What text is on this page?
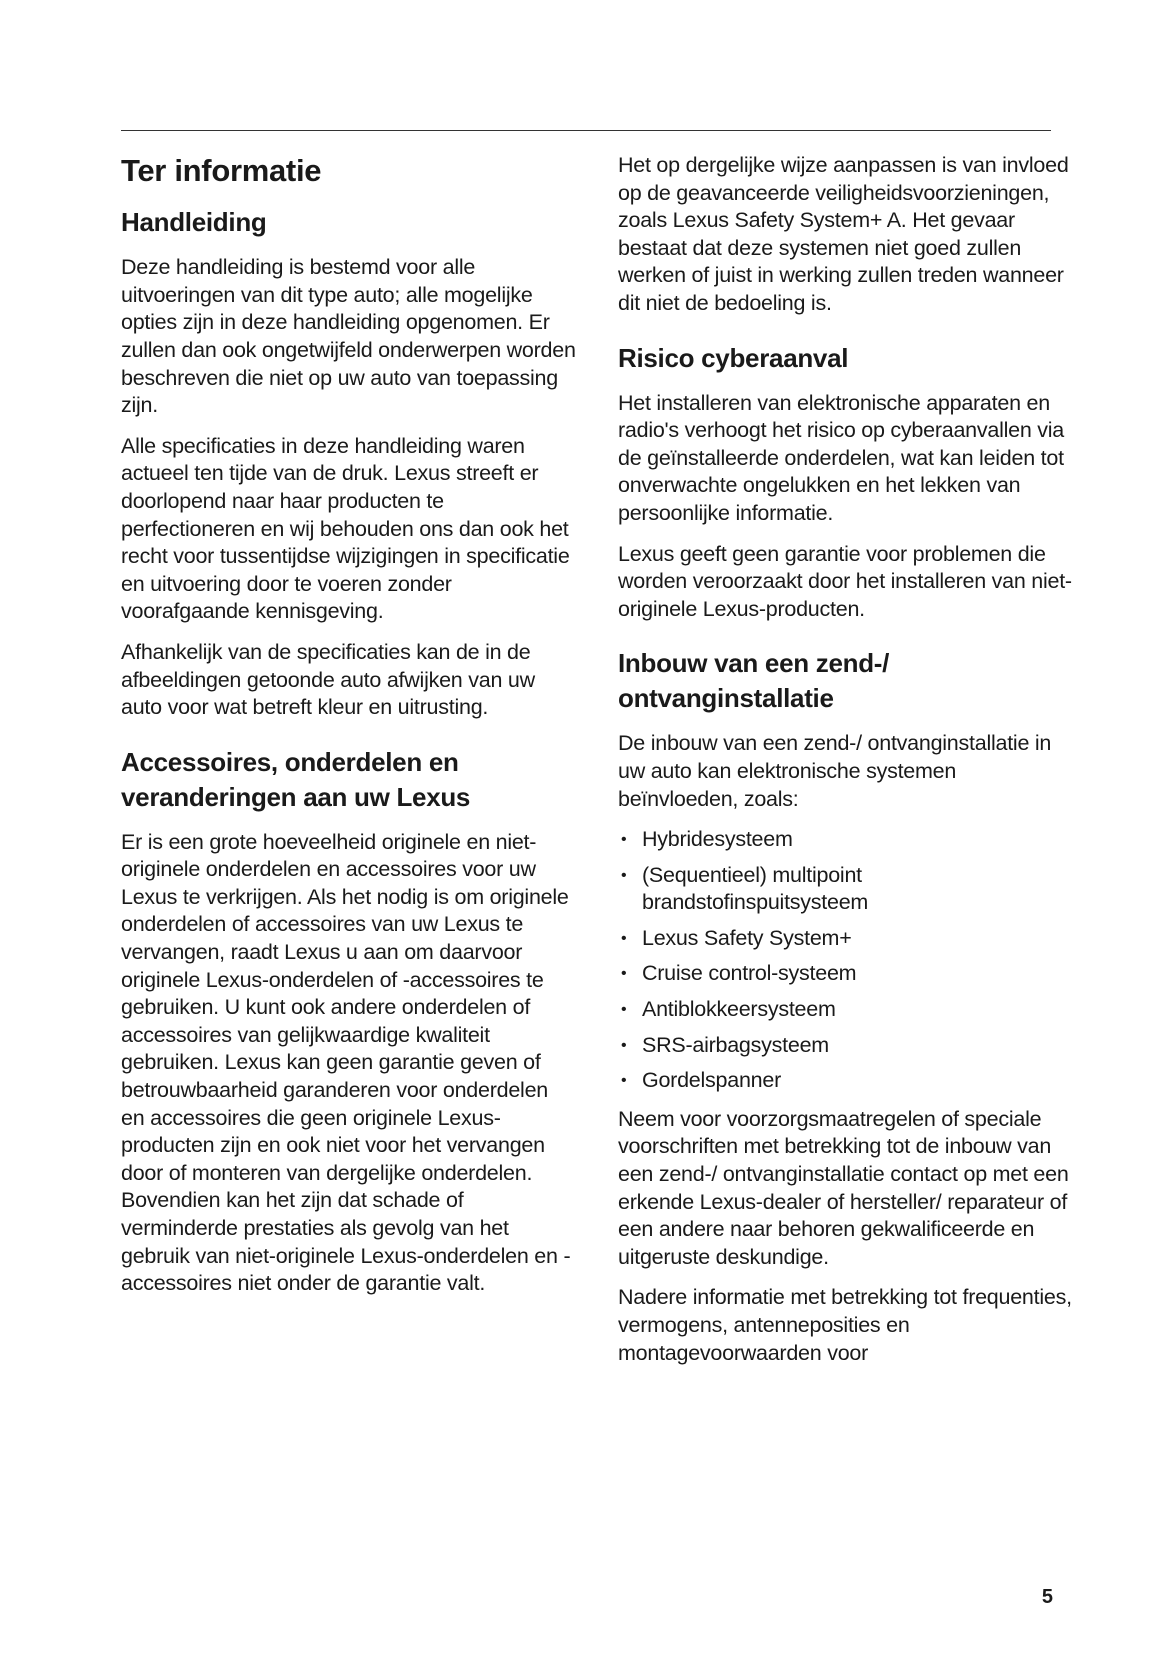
Ter informatie
Handleiding

Deze handleiding is bestemd voor alle uitvoeringen van dit type auto; alle mogelijke opties zijn in deze handleiding opgenomen. Er zullen dan ook ongetwijfeld onderwerpen worden beschreven die niet op uw auto van toepassing zijn.

Alle specificaties in deze handleiding waren actueel ten tijde van de druk. Lexus streeft er doorlopend naar haar producten te perfectioneren en wij behouden ons dan ook het recht voor tussentijdse wijzigingen in specificatie en uitvoering door te voeren zonder voorafgaande kennisgeving.

Afhankelijk van de specificaties kan de in de afbeeldingen getoonde auto afwijken van uw auto voor wat betreft kleur en uitrusting.

Accessoires, onderdelen en veranderingen aan uw Lexus

Er is een grote hoeveelheid originele en niet-originele onderdelen en accessoires voor uw Lexus te verkrijgen. Als het nodig is om originele onderdelen of accessoires van uw Lexus te vervangen, raadt Lexus u aan om daarvoor originele Lexus-onderdelen of -accessoires te gebruiken. U kunt ook andere onderdelen of accessoires van gelijkwaardige kwaliteit gebruiken. Lexus kan geen garantie geven of betrouwbaarheid garanderen voor onderdelen en accessoires die geen originele Lexus-producten zijn en ook niet voor het vervangen door of monteren van dergelijke onderdelen. Bovendien kan het zijn dat schade of verminderde prestaties als gevolg van het gebruik van niet-originele Lexus-onderdelen en -accessoires niet onder de garantie valt.

Het op dergelijke wijze aanpassen is van invloed op de geavanceerde veiligheidsvoorzieningen, zoals Lexus Safety System+ A. Het gevaar bestaat dat deze systemen niet goed zullen werken of juist in werking zullen treden wanneer dit niet de bedoeling is.

Risico cyberaanval

Het installeren van elektronische apparaten en radio's verhoogt het risico op cyberaanvallen via de geïnstalleerde onderdelen, wat kan leiden tot onverwachte ongelukken en het lekken van persoonlijke informatie.

Lexus geeft geen garantie voor problemen die worden veroorzaakt door het installeren van niet-originele Lexus-producten.

Inbouw van een zend-/ ontvanginstallatie

De inbouw van een zend-/ ontvanginstallatie in uw auto kan elektronische systemen beïnvloeden, zoals:

• Hybridesysteem
• (Sequentieel) multipoint brandstofinspuitsysteem
• Lexus Safety System+
• Cruise control-systeem
• Antiblokkeersysteem
• SRS-airbagsysteem
• Gordelspanner

Neem voor voorzorgsmaatregelen of speciale voorschriften met betrekking tot de inbouw van een zend-/ ontvanginstallatie contact op met een erkende Lexus-dealer of hersteller/ reparateur of een andere naar behoren gekwalificeerde en uitgeruste deskundige.

Nadere informatie met betrekking tot frequenties, vermogens, antenneposities en montagevoorwaarden voor

5
